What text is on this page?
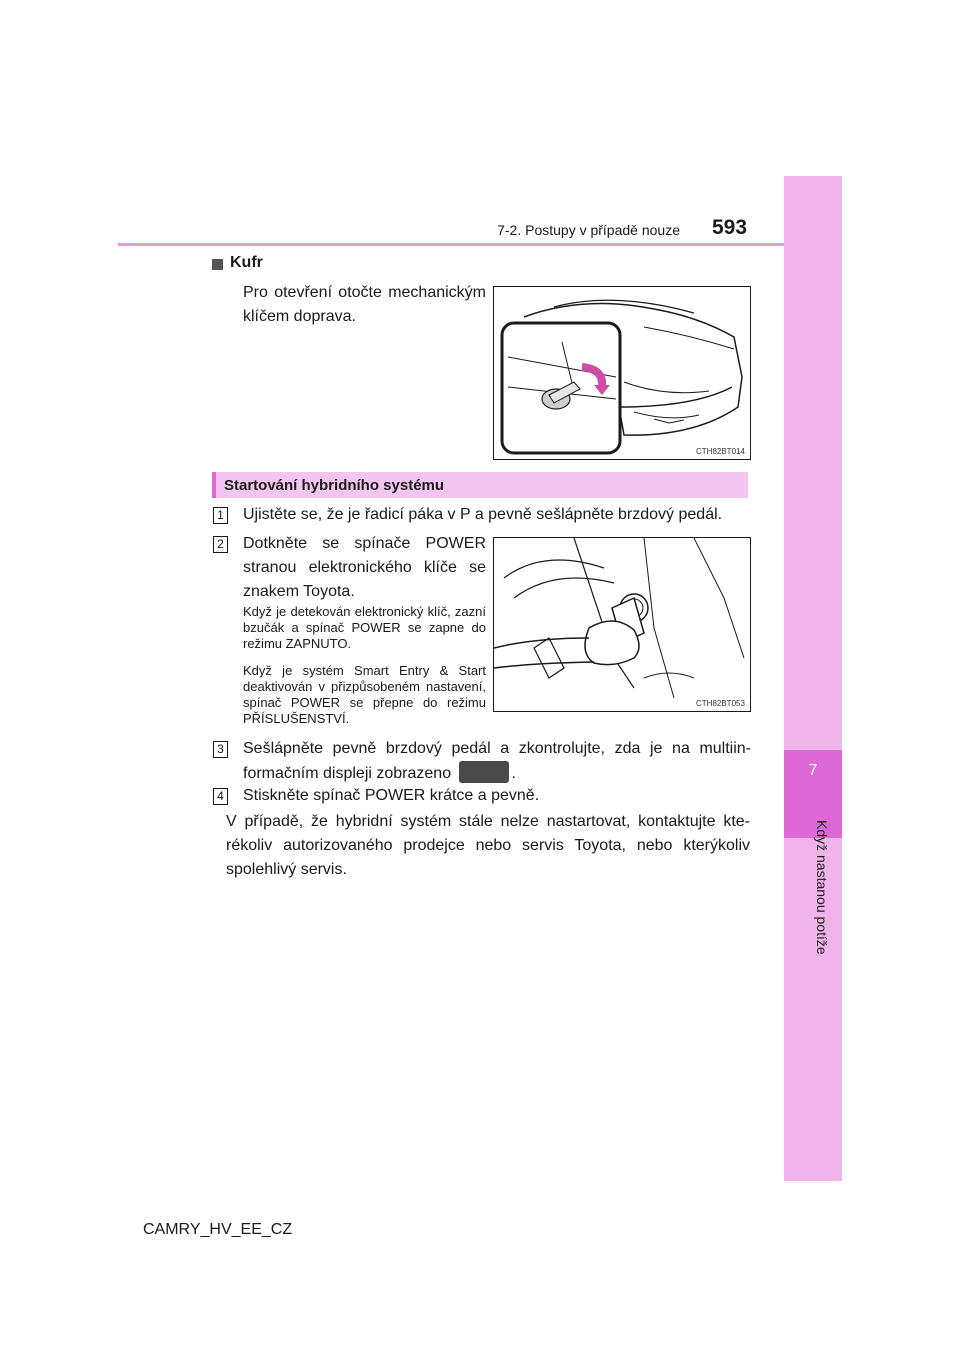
7
Když nastanou potíže
7-2. Postupy v případě nouze 593
Kufr
Pro otevření otočte mechanickým klíčem doprava.
CTH82BT014
Startování hybridního systému
1 Ujistěte se, že je řadicí páka v P a pevně sešlápněte brzdový pedál.
2 Dotkněte se spínače POWER stranou elektronického klíče se znakem Toyota.
Když je detekován elektronický klíč, zazní bzučák a spínač POWER se zapne do režimu ZAPNUTO.
Když je systém Smart Entry & Start deaktivován v přizpůsobeném nastavení, spínač POWER se přepne do režimu PŘÍSLUŠENSTVÍ.
CTH82BT053
3 Sešlápněte pevně brzdový pedál a zkontrolujte, zda je na multiinformačním displeji zobrazeno	.
4 Stiskněte spínač POWER krátce a pevně.
V případě, že hybridní systém stále nelze nastartovat, kontaktujte kterékoliv autorizovaného prodejce nebo servis Toyota, nebo kterýkoliv spolehlivý servis.
CAMRY_HV_EE_CZ
